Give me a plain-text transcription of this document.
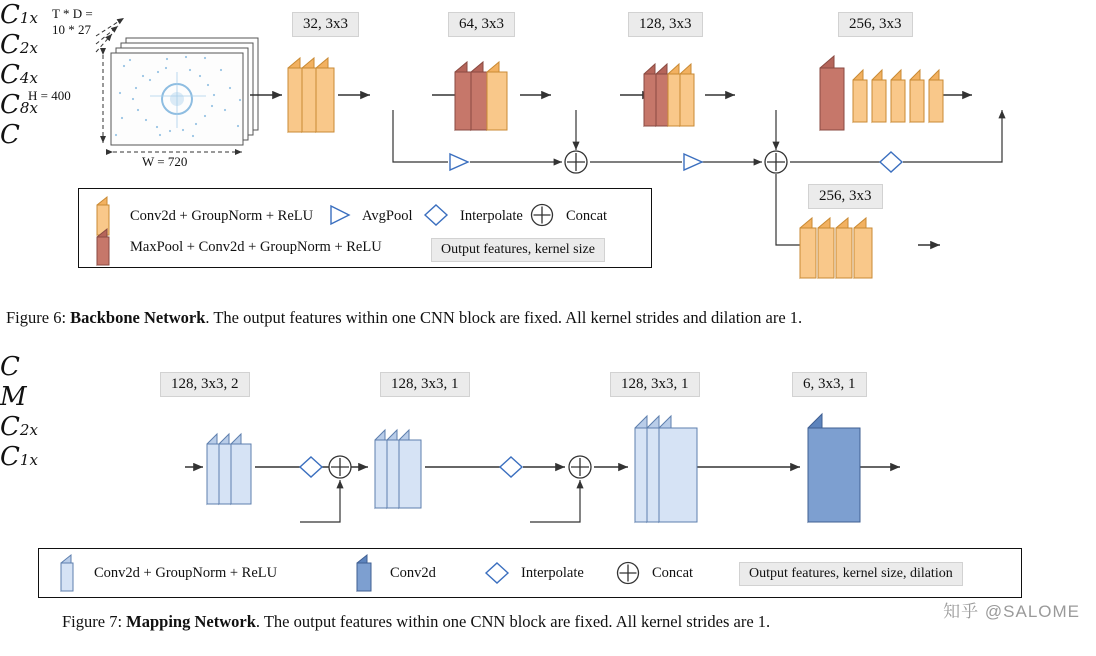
T * D =
10 * 27
H = 400
W = 720
32, 3x3	64, 3x3	128, 3x3	256, 3x3
256, 3x3
C1x
C2x
C4x
C8x
C
Conv2d + GroupNorm + ReLU	AvgPool	Interpolate	Concat
MaxPool + Conv2d + GroupNorm + ReLU	Output features, kernel size
Figure 6: Backbone Network. The output features within one CNN block are fixed. All kernel strides and dilation are 1.
128, 3x3, 2	128, 3x3, 1	128, 3x3, 1	6, 3x3, 1
C
M
C2x
C1x
Conv2d + GroupNorm + ReLU	Conv2d	Interpolate	Concat	Output features, kernel size, dilation
Figure 7: Mapping Network. The output features within one CNN block are fixed. All kernel strides are 1.
知乎 @SALOME
